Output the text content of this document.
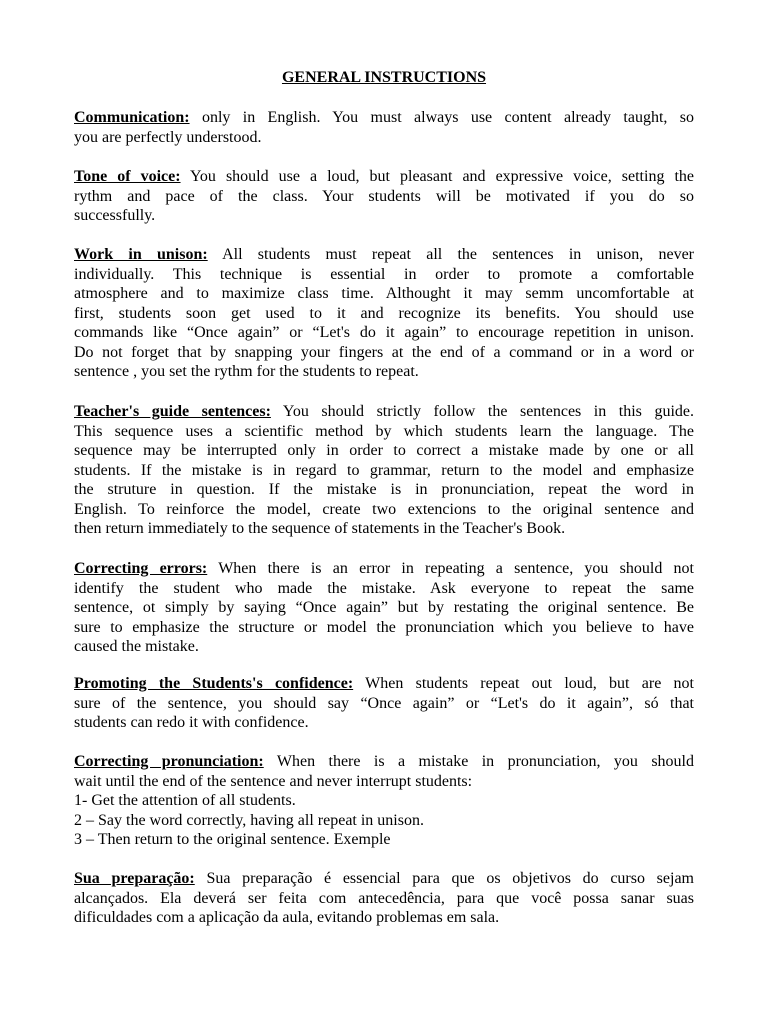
GENERAL INSTRUCTIONS
Communication: only in English. You must always use content already taught, so
you are perfectly understood.
Tone of voice: You should use a loud, but pleasant and expressive voice, setting the
rythm and pace of the class. Your students will be motivated if you do so
successfully.
Work in unison: All students must repeat all the sentences in unison, never
individually. This technique is essential in order to promote a comfortable
atmosphere and to maximize class time. Althought it may semm uncomfortable at
first, students soon get used to it and recognize its benefits. You should use
commands like “Once again” or “Let's do it again” to encourage repetition in unison.
Do not forget that by snapping your fingers at the end of a command or in a word or
sentence , you set the rythm for the students to repeat.
Teacher's guide sentences: You should strictly follow the sentences in this guide.
This sequence uses a scientific method by which students learn the language. The
sequence may be interrupted only in order to correct a mistake made by one or all
students. If the mistake is in regard to grammar, return to the model and emphasize
the struture in question. If the mistake is in pronunciation, repeat the word in
English. To reinforce the model, create two extencions to the original sentence and
then return immediately to the sequence of statements in the Teacher's Book.
Correcting errors: When there is an error in repeating a sentence, you should not
identify the student who made the mistake. Ask everyone to repeat the same
sentence, ot simply by saying “Once again” but by restating the original sentence. Be
sure to emphasize the structure or model the pronunciation which you believe to have
caused the mistake.
Promoting the Students's confidence: When students repeat out loud, but are not
sure of the sentence, you should say “Once again” or “Let's do it again”, só that
students can redo it with confidence.
Correcting pronunciation: When there is a mistake in pronunciation, you should
wait until the end of the sentence and never interrupt students:
1- Get the attention of all students.
2 – Say the word correctly, having all repeat in unison.
3 – Then return to the original sentence. Exemple
Sua preparação: Sua preparação é essencial para que os objetivos do curso sejam
alcançados. Ela deverá ser feita com antecedência, para que você possa sanar suas
dificuldades com a aplicação da aula, evitando problemas em sala.
